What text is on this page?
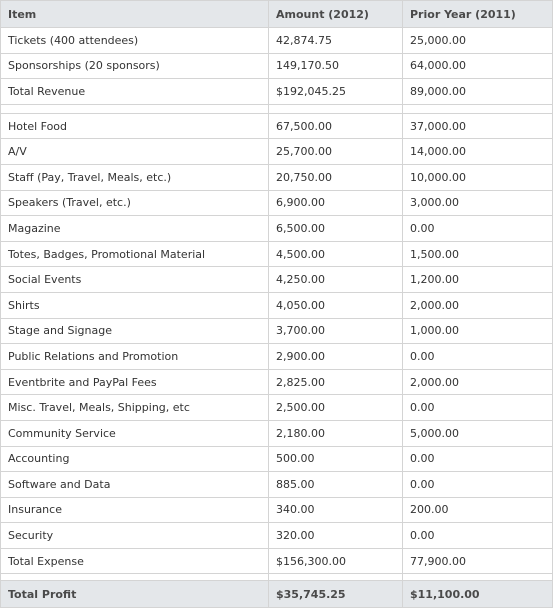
Item	Amount (2012)	Prior Year (2011)
Tickets (400 attendees)	42,874.75	25,000.00
Sponsorships (20 sponsors)	149,170.50	64,000.00
Total Revenue	$192,045.25	89,000.00

Hotel Food	67,500.00	37,000.00
A/V	25,700.00	14,000.00
Staff (Pay, Travel, Meals, etc.)	20,750.00	10,000.00
Speakers (Travel, etc.)	6,900.00	3,000.00
Magazine	6,500.00	0.00
Totes, Badges, Promotional Material	4,500.00	1,500.00
Social Events	4,250.00	1,200.00
Shirts	4,050.00	2,000.00
Stage and Signage	3,700.00	1,000.00
Public Relations and Promotion	2,900.00	0.00
Eventbrite and PayPal Fees	2,825.00	2,000.00
Misc. Travel, Meals, Shipping, etc	2,500.00	0.00
Community Service	2,180.00	5,000.00
Accounting	500.00	0.00
Software and Data	885.00	0.00
Insurance	340.00	200.00
Security	320.00	0.00
Total Expense	$156,300.00	77,900.00

Total Profit	$35,745.25	$11,100.00
